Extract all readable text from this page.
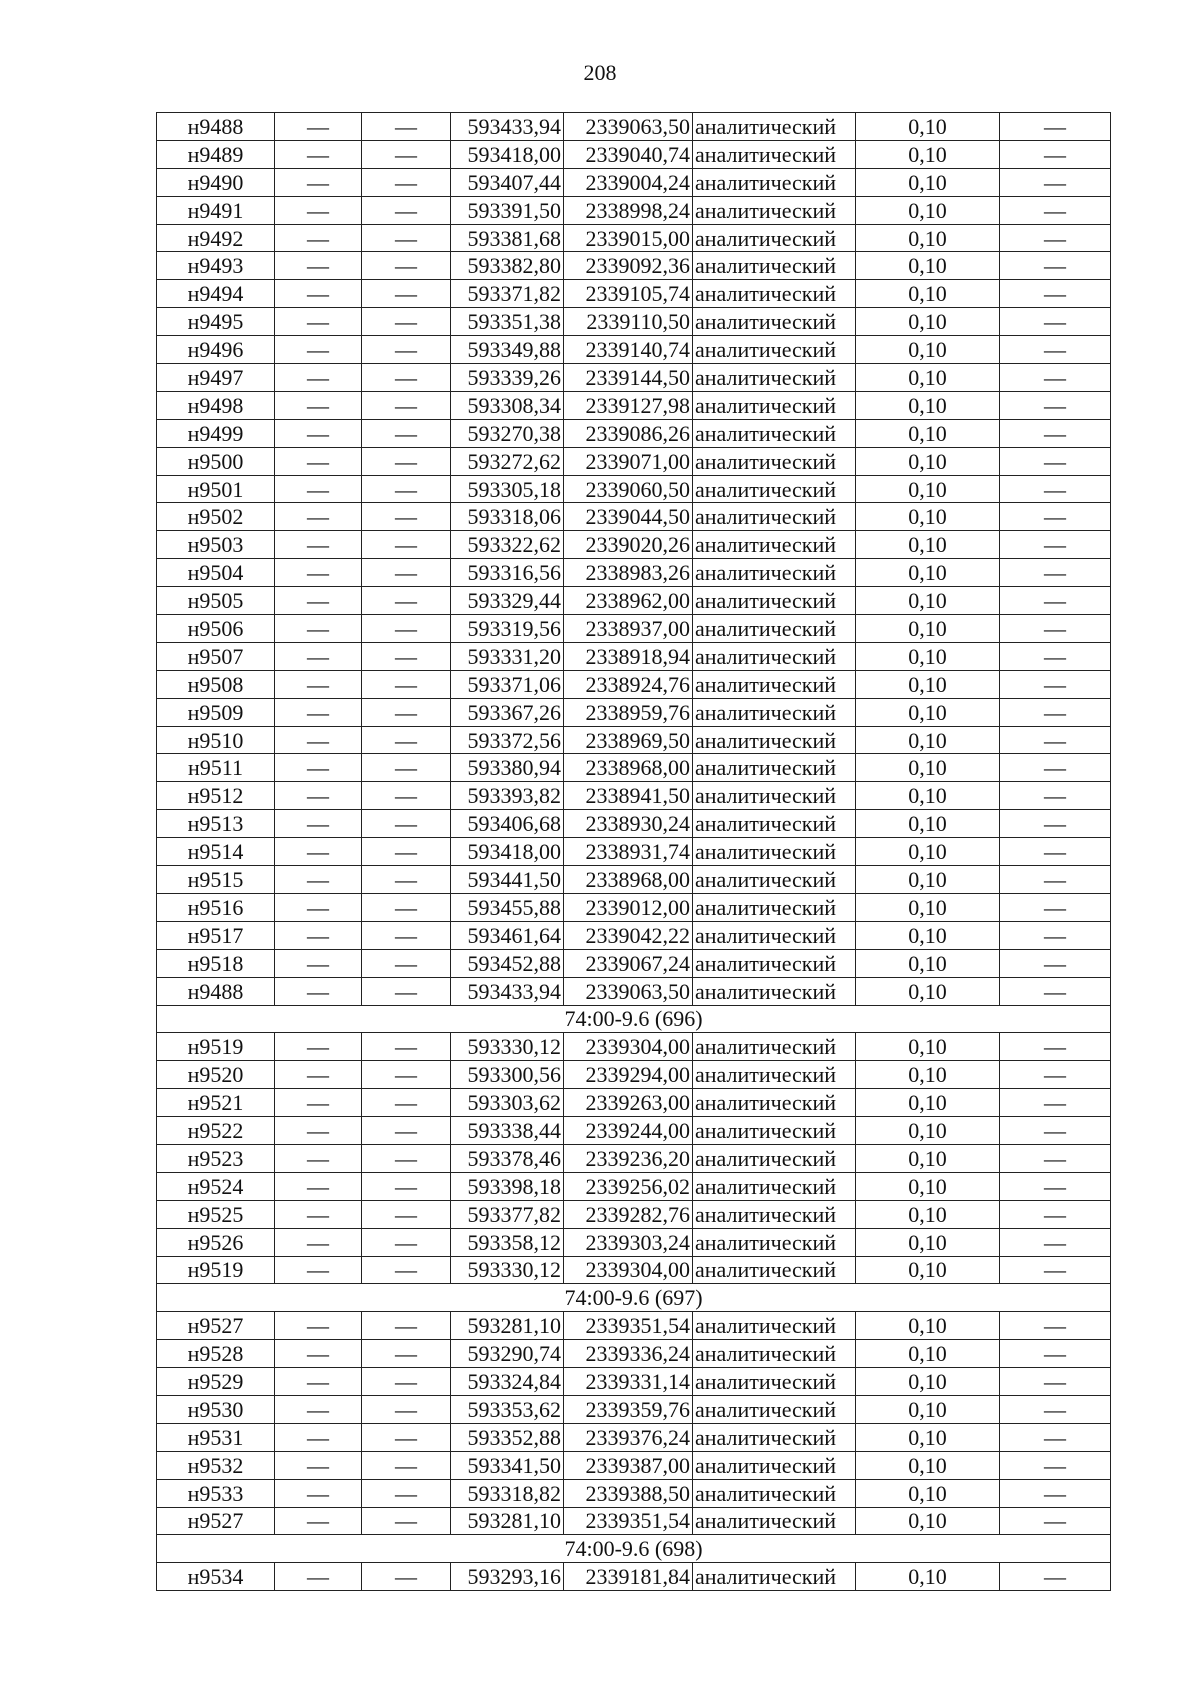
208
н9488	—	—	593433,94	2339063,50	аналитический	0,10	—
н9489	—	—	593418,00	2339040,74	аналитический	0,10	—
н9490	—	—	593407,44	2339004,24	аналитический	0,10	—
н9491	—	—	593391,50	2338998,24	аналитический	0,10	—
н9492	—	—	593381,68	2339015,00	аналитический	0,10	—
н9493	—	—	593382,80	2339092,36	аналитический	0,10	—
н9494	—	—	593371,82	2339105,74	аналитический	0,10	—
н9495	—	—	593351,38	2339110,50	аналитический	0,10	—
н9496	—	—	593349,88	2339140,74	аналитический	0,10	—
н9497	—	—	593339,26	2339144,50	аналитический	0,10	—
н9498	—	—	593308,34	2339127,98	аналитический	0,10	—
н9499	—	—	593270,38	2339086,26	аналитический	0,10	—
н9500	—	—	593272,62	2339071,00	аналитический	0,10	—
н9501	—	—	593305,18	2339060,50	аналитический	0,10	—
н9502	—	—	593318,06	2339044,50	аналитический	0,10	—
н9503	—	—	593322,62	2339020,26	аналитический	0,10	—
н9504	—	—	593316,56	2338983,26	аналитический	0,10	—
н9505	—	—	593329,44	2338962,00	аналитический	0,10	—
н9506	—	—	593319,56	2338937,00	аналитический	0,10	—
н9507	—	—	593331,20	2338918,94	аналитический	0,10	—
н9508	—	—	593371,06	2338924,76	аналитический	0,10	—
н9509	—	—	593367,26	2338959,76	аналитический	0,10	—
н9510	—	—	593372,56	2338969,50	аналитический	0,10	—
н9511	—	—	593380,94	2338968,00	аналитический	0,10	—
н9512	—	—	593393,82	2338941,50	аналитический	0,10	—
н9513	—	—	593406,68	2338930,24	аналитический	0,10	—
н9514	—	—	593418,00	2338931,74	аналитический	0,10	—
н9515	—	—	593441,50	2338968,00	аналитический	0,10	—
н9516	—	—	593455,88	2339012,00	аналитический	0,10	—
н9517	—	—	593461,64	2339042,22	аналитический	0,10	—
н9518	—	—	593452,88	2339067,24	аналитический	0,10	—
н9488	—	—	593433,94	2339063,50	аналитический	0,10	—
74:00-9.6 (696)							
н9519	—	—	593330,12	2339304,00	аналитический	0,10	—
н9520	—	—	593300,56	2339294,00	аналитический	0,10	—
н9521	—	—	593303,62	2339263,00	аналитический	0,10	—
н9522	—	—	593338,44	2339244,00	аналитический	0,10	—
н9523	—	—	593378,46	2339236,20	аналитический	0,10	—
н9524	—	—	593398,18	2339256,02	аналитический	0,10	—
н9525	—	—	593377,82	2339282,76	аналитический	0,10	—
н9526	—	—	593358,12	2339303,24	аналитический	0,10	—
н9519	—	—	593330,12	2339304,00	аналитический	0,10	—
74:00-9.6 (697)							
н9527	—	—	593281,10	2339351,54	аналитический	0,10	—
н9528	—	—	593290,74	2339336,24	аналитический	0,10	—
н9529	—	—	593324,84	2339331,14	аналитический	0,10	—
н9530	—	—	593353,62	2339359,76	аналитический	0,10	—
н9531	—	—	593352,88	2339376,24	аналитический	0,10	—
н9532	—	—	593341,50	2339387,00	аналитический	0,10	—
н9533	—	—	593318,82	2339388,50	аналитический	0,10	—
н9527	—	—	593281,10	2339351,54	аналитический	0,10	—
74:00-9.6 (698)							
н9534	—	—	593293,16	2339181,84	аналитический	0,10	—
